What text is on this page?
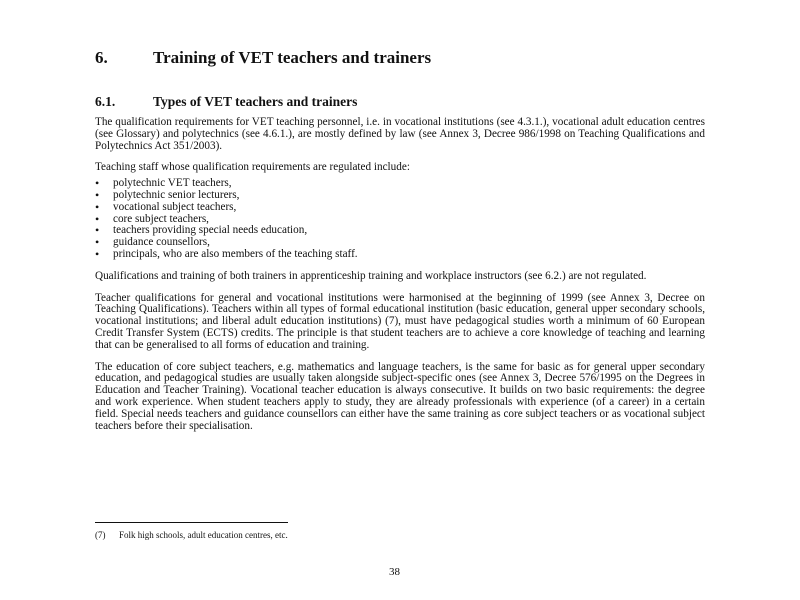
6.	Training of VET teachers and trainers
6.1.	Types of VET teachers and trainers

The qualification requirements for VET teaching personnel, i.e. in vocational institutions (see 4.3.1.), vocational adult education centres (see Glossary) and polytechnics (see 4.6.1.), are mostly defined by law (see Annex 3, Decree 986/1998 on Teaching Qualifications and Polytechnics Act 351/2003).

Teaching staff whose qualification requirements are regulated include:

• polytechnic VET teachers,
• polytechnic senior lecturers,
• vocational subject teachers,
• core subject teachers,
• teachers providing special needs education,
• guidance counsellors,
• principals, who are also members of the teaching staff.

Qualifications and training of both trainers in apprenticeship training and workplace instructors (see 6.2.) are not regulated.

Teacher qualifications for general and vocational institutions were harmonised at the beginning of 1999 (see Annex 3, Decree on Teaching Qualifications). Teachers within all types of formal educational institution (basic education, general upper secondary schools, vocational institutions; and liberal adult education institutions) (7), must have pedagogical studies worth a minimum of 60 European Credit Transfer System (ECTS) credits. The principle is that student teachers are to achieve a core knowledge of teaching and learning that can be generalised to all forms of education and training.

The education of core subject teachers, e.g. mathematics and language teachers, is the same for basic as for general upper secondary education, and pedagogical studies are usually taken alongside subject-specific ones (see Annex 3, Decree 576/1995 on the Degrees in Education and Teacher Training). Vocational teacher education is always consecutive. It builds on two basic requirements: the degree and work experience. When student teachers apply to study, they are already professionals with experience (of a career) in a certain field. Special needs teachers and guidance counsellors can either have the same training as core subject teachers or as vocational subject teachers before their specialisation.

(7) Folk high schools, adult education centres, etc.
38
